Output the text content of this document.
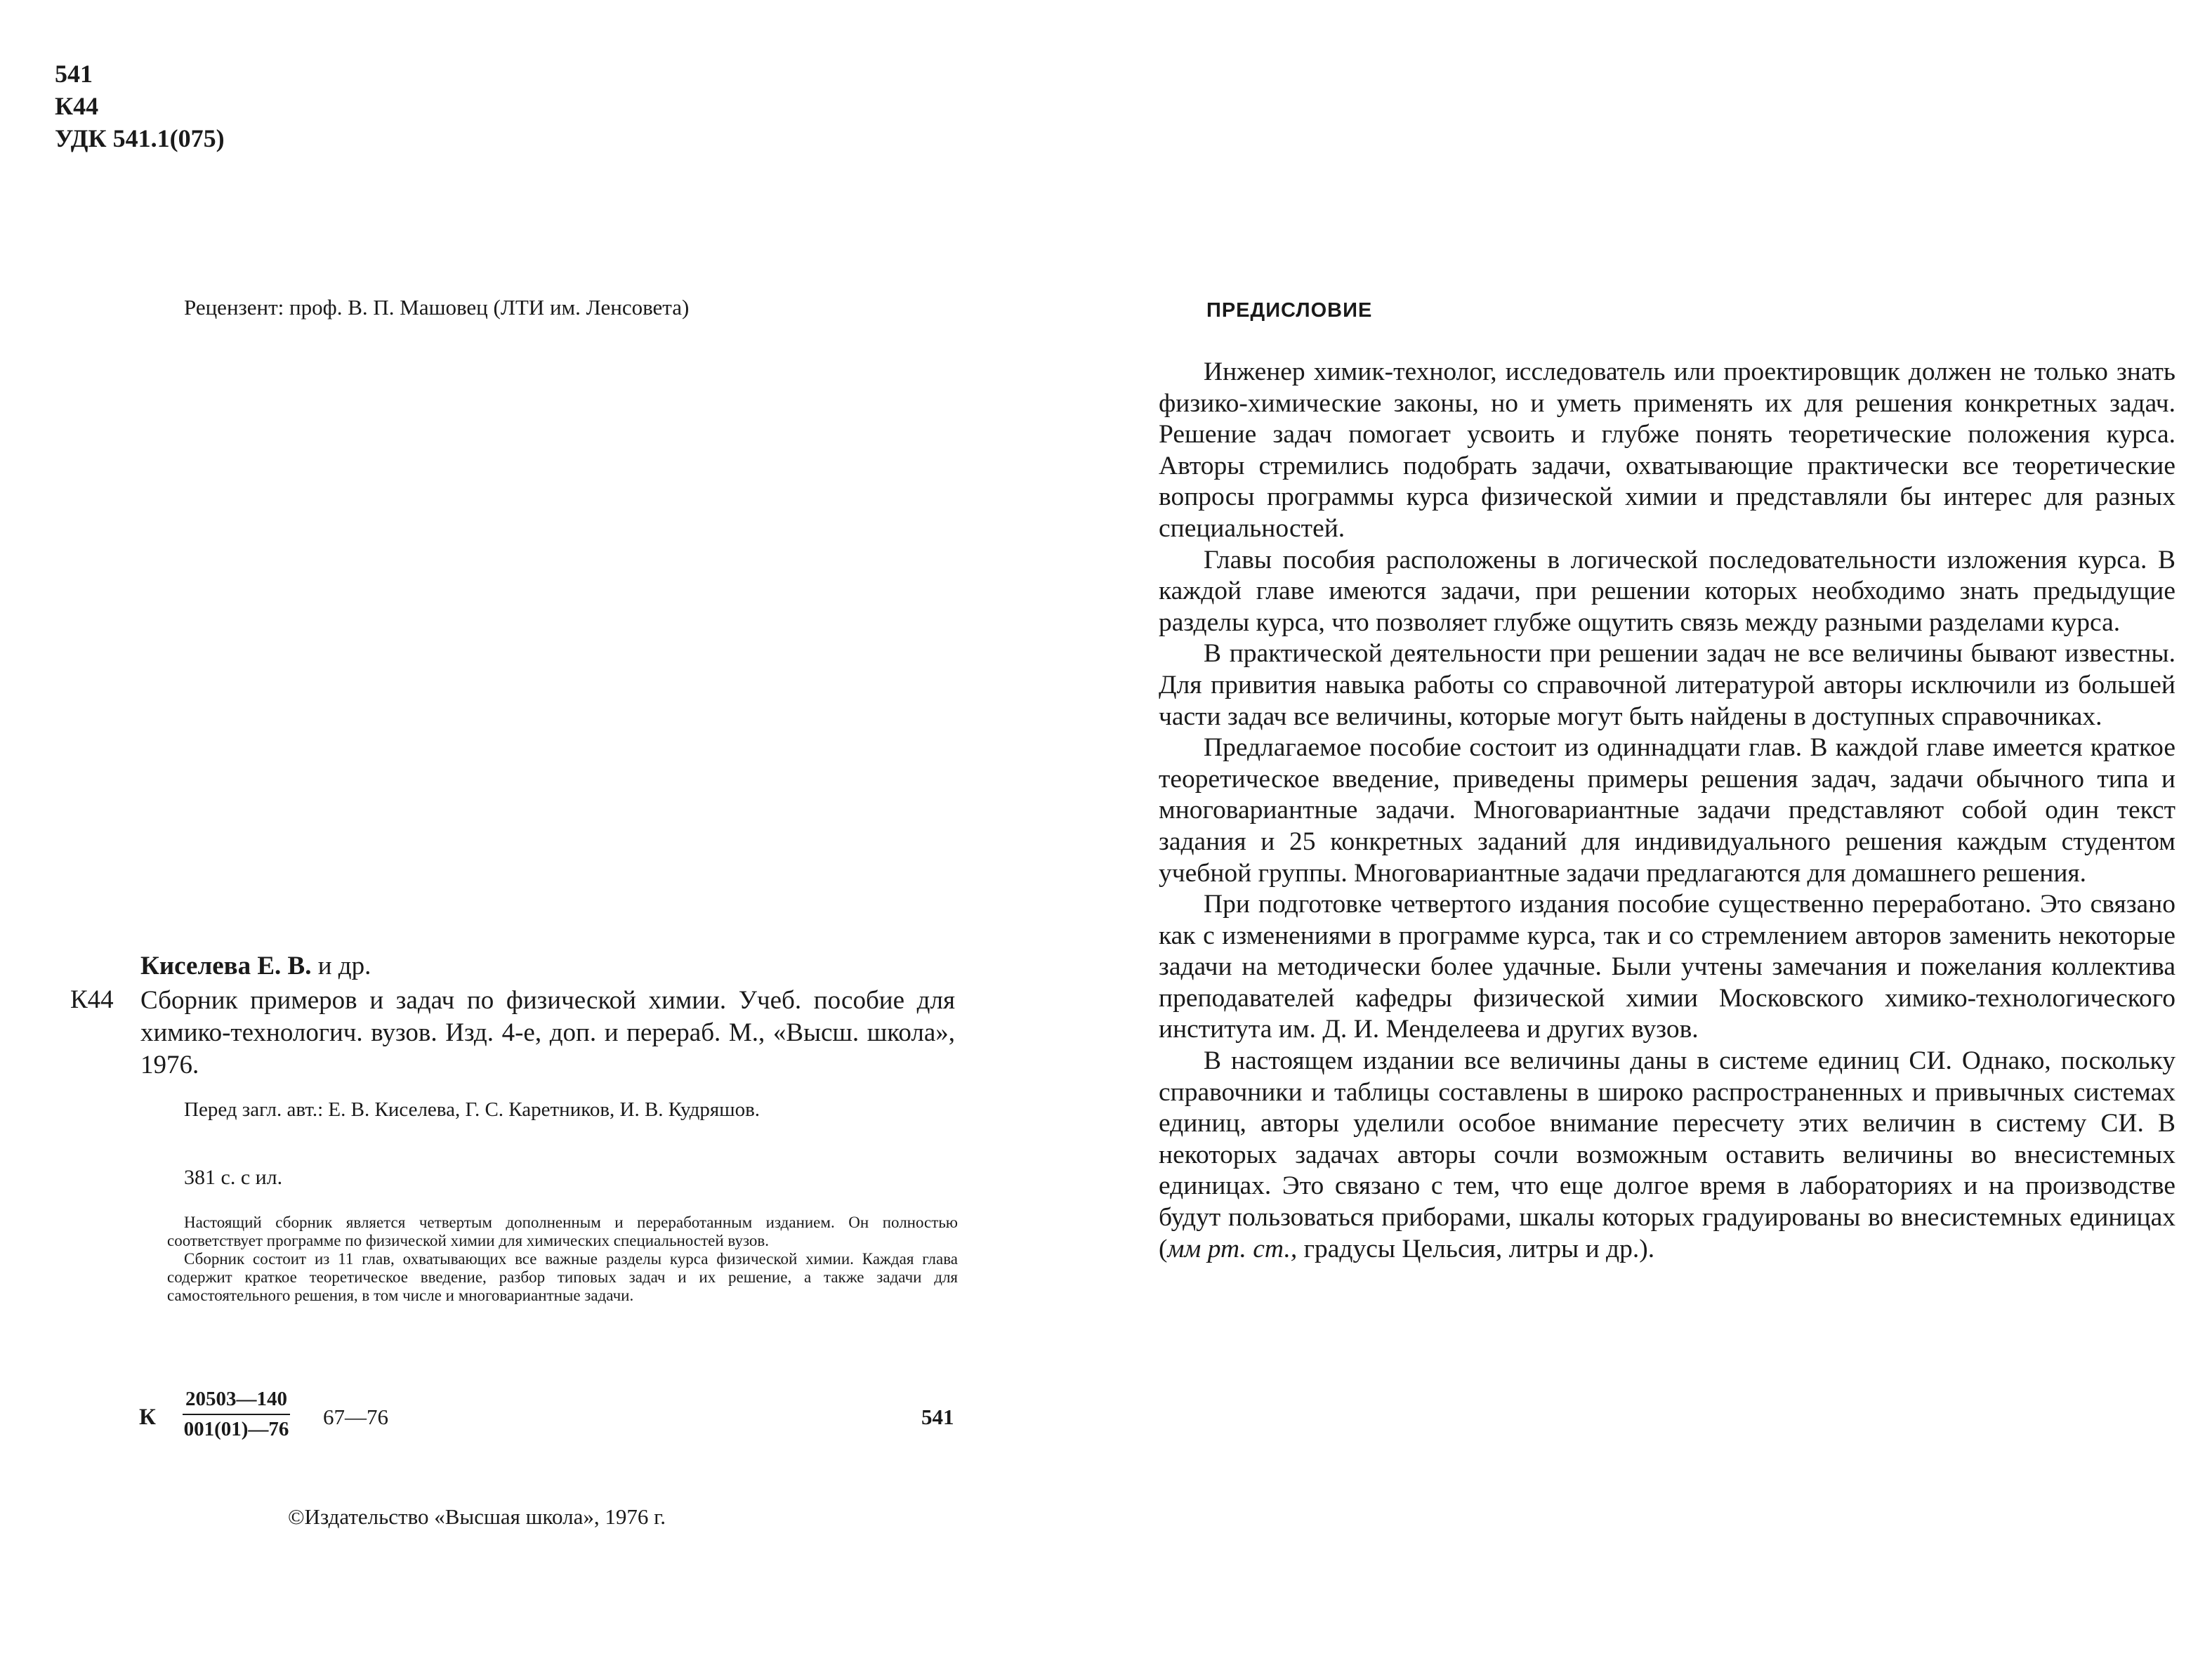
541
К44
УДК 541.1(075)
Рецензент: проф. В. П. Машовец (ЛТИ им. Ленсовета)
Киселева Е. В. и др.
К44 Сборник примеров и задач по физической химии. Учеб. пособие для химико-технологич. вузов. Изд. 4-е, доп. и перераб. М., «Высш. школа», 1976.
Перед загл. авт.: Е. В. Киселева, Г. С. Каретников, И. В. Кудряшов.
381 с. с ил.

Настоящий сборник является четвертым дополненным и переработанным изданием. Он полностью соответствует программе по физической химии для химических специальностей вузов.

Сборник состоит из 11 глав, охватывающих все важные разделы курса физической химии. Каждая глава содержит краткое теоретическое введение, разбор типовых задач и их решение, а также задачи для самостоятельного решения, в том числе и многовариантные задачи.

К $\frac{20503—140}{001(01)—76}$ 67—76	541
©Издательство «Высшая школа», 1976 г.
ПРЕДИСЛОВИЕ

Инженер химик-технолог, исследователь или проектировщик должен не только знать физико-химические законы, но и уметь применять их для решения конкретных задач. Решение задач помогает усвоить и глубже понять теоретические положения курса. Авторы стремились подобрать задачи, охватывающие практически все теоретические вопросы программы курса физической химии и представляли бы интерес для разных специальностей.

Главы пособия расположены в логической последовательности изложения курса. В каждой главе имеются задачи, при решении которых необходимо знать предыдущие разделы курса, что позволяет глубже ощутить связь между разными разделами курса.

В практической деятельности при решении задач не все величины бывают известны. Для привития навыка работы со справочной литературой авторы исключили из большей части задач все величины, которые могут быть найдены в доступных справочниках.

Предлагаемое пособие состоит из одиннадцати глав. В каждой главе имеется краткое теоретическое введение, приведены примеры решения задач, задачи обычного типа и многовариантные задачи. Многовариантные задачи представляют собой один текст задания и 25 конкретных заданий для индивидуального решения каждым студентом учебной группы. Многовариантные задачи предлагаются для домашнего решения.

При подготовке четвертого издания пособие существенно переработано. Это связано как с изменениями в программе курса, так и со стремлением авторов заменить некоторые задачи на методически более удачные. Были учтены замечания и пожелания коллектива преподавателей кафедры физической химии Московского химико-технологического института им. Д. И. Менделеева и других вузов.

В настоящем издании все величины даны в системе единиц СИ. Однако, поскольку справочники и таблицы составлены в широко распространенных и привычных системах единиц, авторы уделили особое внимание пересчету этих величин в систему СИ. В некоторых задачах авторы сочли возможным оставить величины во внесистемных единицах. Это связано с тем, что еще долгое время в лабораториях и на производстве будут пользоваться приборами, шкалы которых градуированы во внесистемных единицах (мм рт. ст., градусы Цельсия, литры и др.).
